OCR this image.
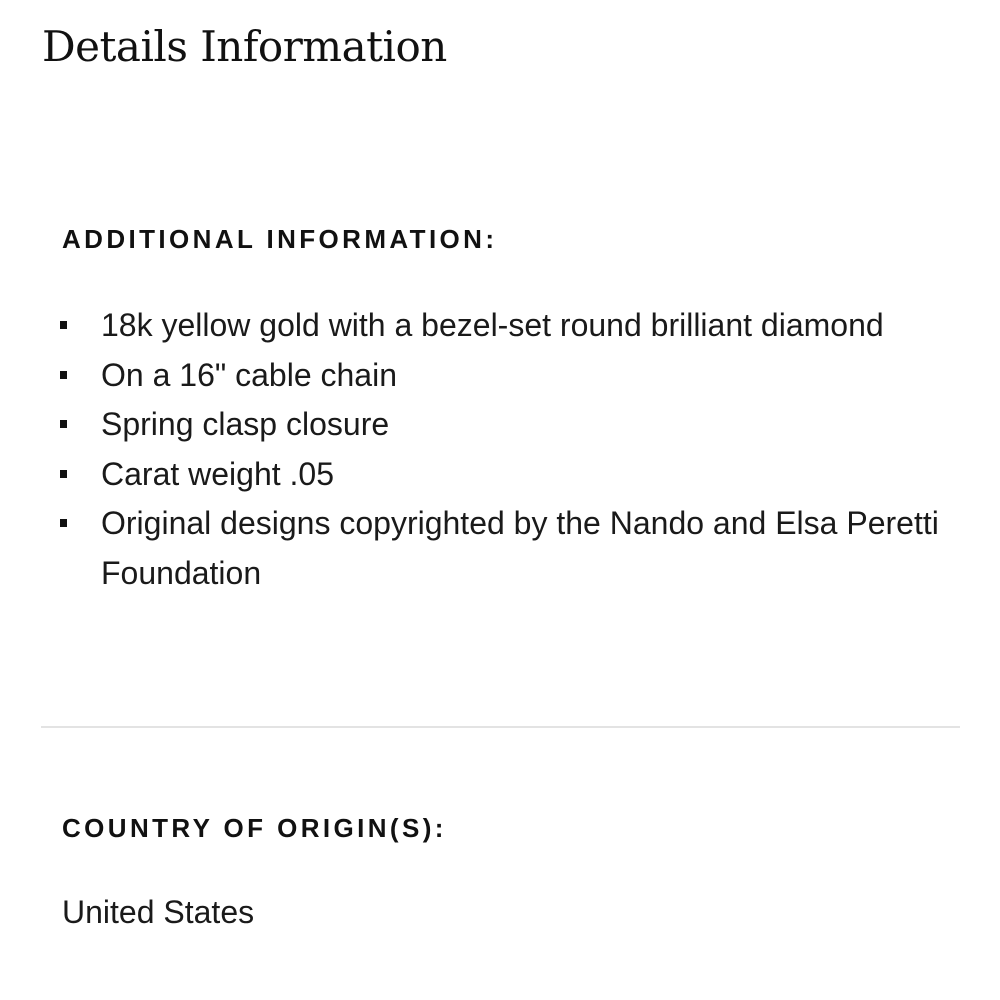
Details Information
ADDITIONAL INFORMATION:
18k yellow gold with a bezel-set round brilliant diamond
On a 16" cable chain
Spring clasp closure
Carat weight .05
Original designs copyrighted by the Nando and Elsa Peretti Foundation
COUNTRY OF ORIGIN(S):

United States
